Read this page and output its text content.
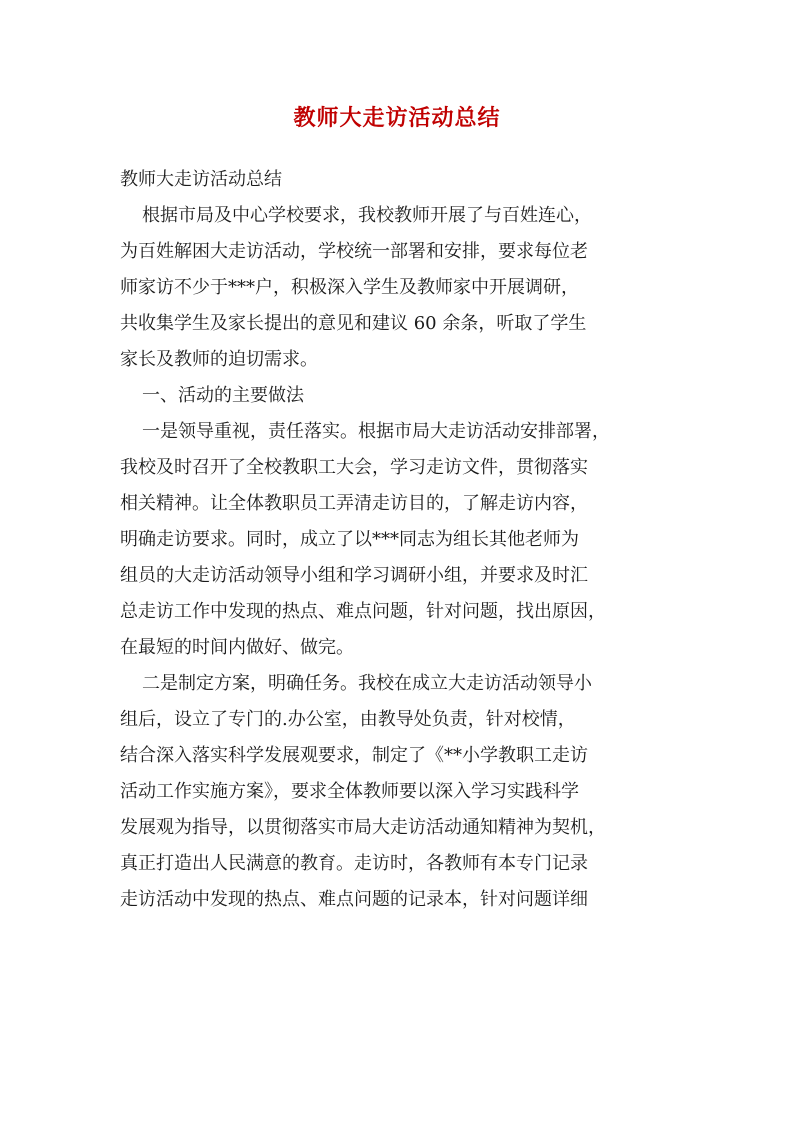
教师大走访活动总结
教师大走访活动总结
根据市局及中心学校要求，我校教师开展了与百姓连心，
为百姓解困大走访活动，学校统一部署和安排，要求每位老
师家访不少于***户，积极深入学生及教师家中开展调研，
共收集学生及家长提出的意见和建议 60 余条，听取了学生
家长及教师的迫切需求。
一、活动的主要做法
一是领导重视，责任落实。根据市局大走访活动安排部署，
我校及时召开了全校教职工大会，学习走访文件，贯彻落实
相关精神。让全体教职员工弄清走访目的，了解走访内容，
明确走访要求。同时，成立了以***同志为组长其他老师为
组员的大走访活动领导小组和学习调研小组，并要求及时汇
总走访工作中发现的热点、难点问题，针对问题，找出原因，
在最短的时间内做好、做完。
二是制定方案，明确任务。我校在成立大走访活动领导小
组后，设立了专门的.办公室，由教导处负责，针对校情，
结合深入落实科学发展观要求，制定了《**小学教职工走访
活动工作实施方案》，要求全体教师要以深入学习实践科学
发展观为指导，以贯彻落实市局大走访活动通知精神为契机，
真正打造出人民满意的教育。走访时，各教师有本专门记录
走访活动中发现的热点、难点问题的记录本，针对问题详细
